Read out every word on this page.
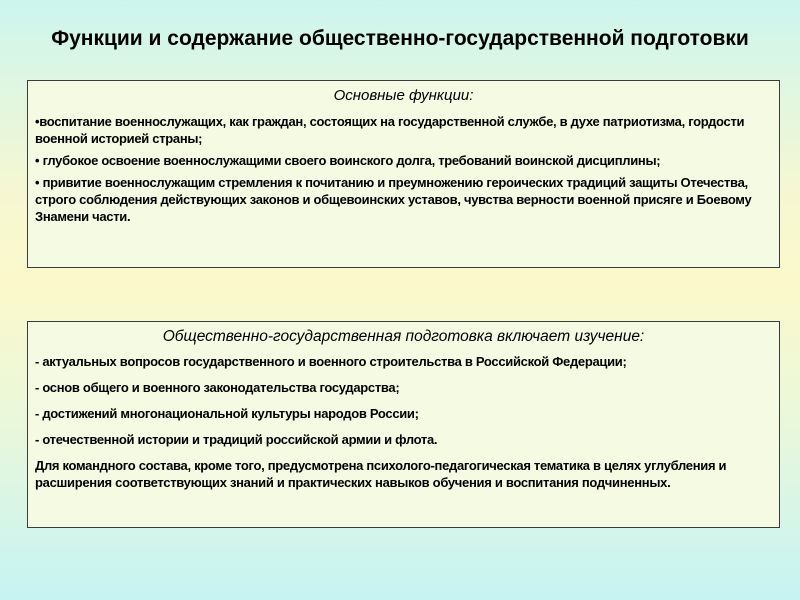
Функции и содержание общественно-государственной подготовки

Основные функции:

•воспитание военнослужащих, как граждан, состоящих на государственной службе, в духе патриотизма, гордости военной историей страны;

• глубокое освоение военнослужащими своего воинского долга, требований воинской дисциплины;

• привитие военнослужащим стремления к почитанию и преумножению героических традиций защиты Отечества, строго соблюдения действующих законов и общевоинских уставов, чувства верности военной присяге и Боевому Знамени части.

Общественно-государственная подготовка включает изучение:

- актуальных вопросов государственного и военного строительства в Российской Федерации;

- основ общего и военного законодательства государства;

- достижений многонациональной культуры народов России;

- отечественной истории и традиций российской армии и флота.

Для командного состава, кроме того, предусмотрена психолого-педагогическая тематика в целях углубления и расширения соответствующих знаний и практических навыков обучения и воспитания подчиненных.
